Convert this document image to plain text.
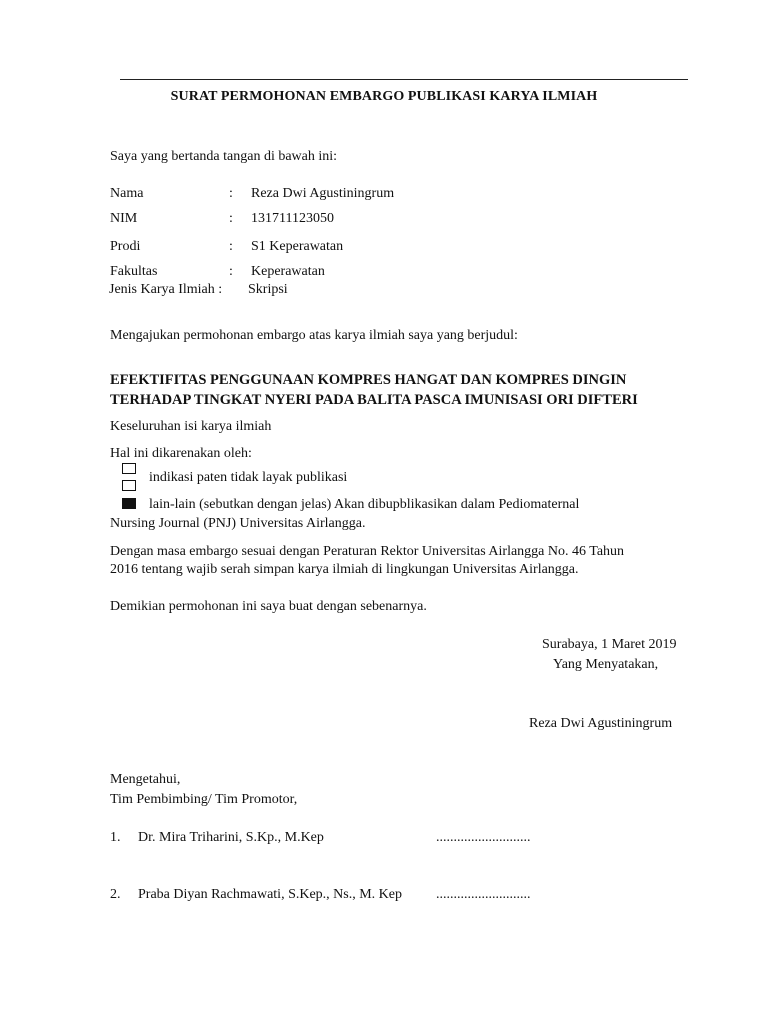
SURAT PERMOHONAN EMBARGO PUBLIKASI KARYA ILMIAH
Saya yang bertanda tangan di bawah ini:
Nama	: Reza Dwi Agustiningrum
NIM	: 131711123050
Prodi	: S1 Keperawatan
Fakultas	: Keperawatan
Jenis Karya Ilmiah : Skripsi
Mengajukan permohonan embargo atas karya ilmiah saya yang berjudul:
EFEKTIFITAS PENGGUNAAN KOMPRES HANGAT DAN KOMPRES DINGIN
TERHADAP TINGKAT NYERI PADA BALITA PASCA IMUNISASI ORI DIFTERI
Keseluruhan isi karya ilmiah
Hal ini dikarenakan oleh:
indikasi paten tidak layak publikasi
lain-lain (sebutkan dengan jelas) Akan dibupblikasikan dalam Pediomaternal
Nursing Journal (PNJ) Universitas Airlangga.
Dengan masa embargo sesuai dengan Peraturan Rektor Universitas Airlangga No. 46 Tahun
2016 tentang wajib serah simpan karya ilmiah di lingkungan Universitas Airlangga.
Demikian permohonan ini saya buat dengan sebenarnya.
Surabaya, 1 Maret 2019
Yang Menyatakan,
Reza Dwi Agustiningrum
Mengetahui,
Tim Pembimbing/ Tim Promotor,
1. Dr. Mira Triharini, S.Kp., M.Kep	...........................
2. Praba Diyan Rachmawati, S.Kep., Ns., M. Kep ...........................
